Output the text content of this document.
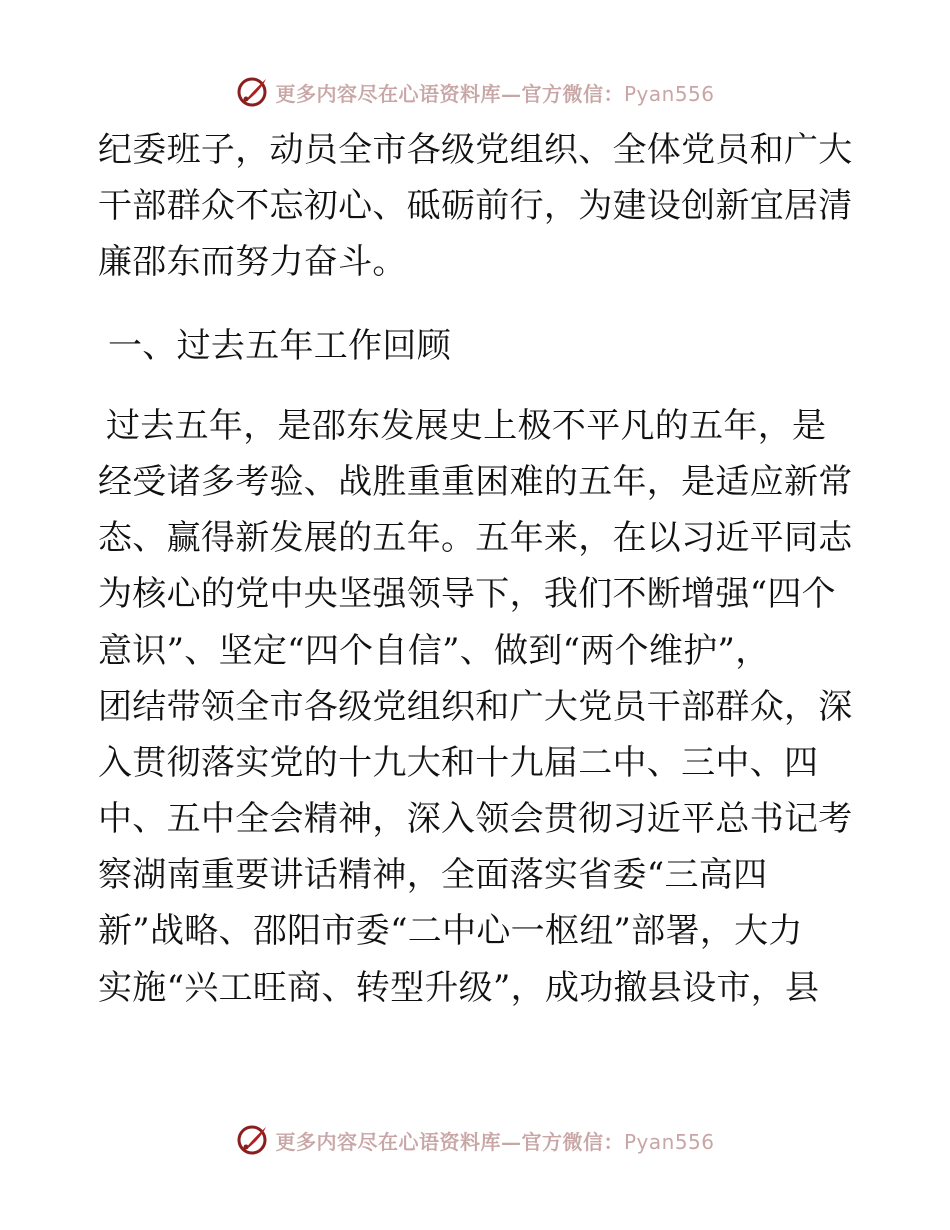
更多内容尽在心语资料库—官方微信：Pyan556
纪委班子，动员全市各级党组织、全体党员和广大
干部群众不忘初心、砥砺前行，为建设创新宜居清
廉邵东而努力奋斗。
一、过去五年工作回顾
过去五年，是邵东发展史上极不平凡的五年，是
经受诸多考验、战胜重重困难的五年，是适应新常
态、赢得新发展的五年。五年来，在以习近平同志
为核心的党中央坚强领导下，我们不断增强“四个
意识”、坚定“四个自信”、做到“两个维护”，
团结带领全市各级党组织和广大党员干部群众，深
入贯彻落实党的十九大和十九届二中、三中、四
中、五中全会精神，深入领会贯彻习近平总书记考
察湖南重要讲话精神，全面落实省委“三高四
新”战略、邵阳市委“二中心一枢纽”部署，大力
实施“兴工旺商、转型升级”，成功撤县设市，县
更多内容尽在心语资料库—官方微信：Pyan556
